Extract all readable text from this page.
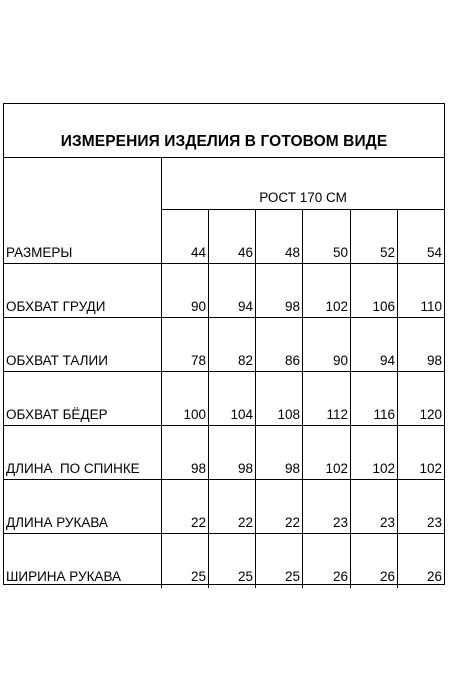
ИЗМЕРЕНИЯ ИЗДЕЛИЯ В ГОТОВОМ ВИДЕ
РОСТ 170 СМ
РАЗМЕРЫ	44	46	48	50	52	54
ОБХВАТ ГРУДИ	90	94	98	102	106	110
ОБХВАТ ТАЛИИ	78	82	86	90	94	98
ОБХВАТ БЁДЕР	100	104	108	112	116	120
ДЛИНА  ПО СПИНКЕ	98	98	98	102	102	102
ДЛИНА РУКАВА	22	22	22	23	23	23
ШИРИНА РУКАВА	25	25	25	26	26	26
